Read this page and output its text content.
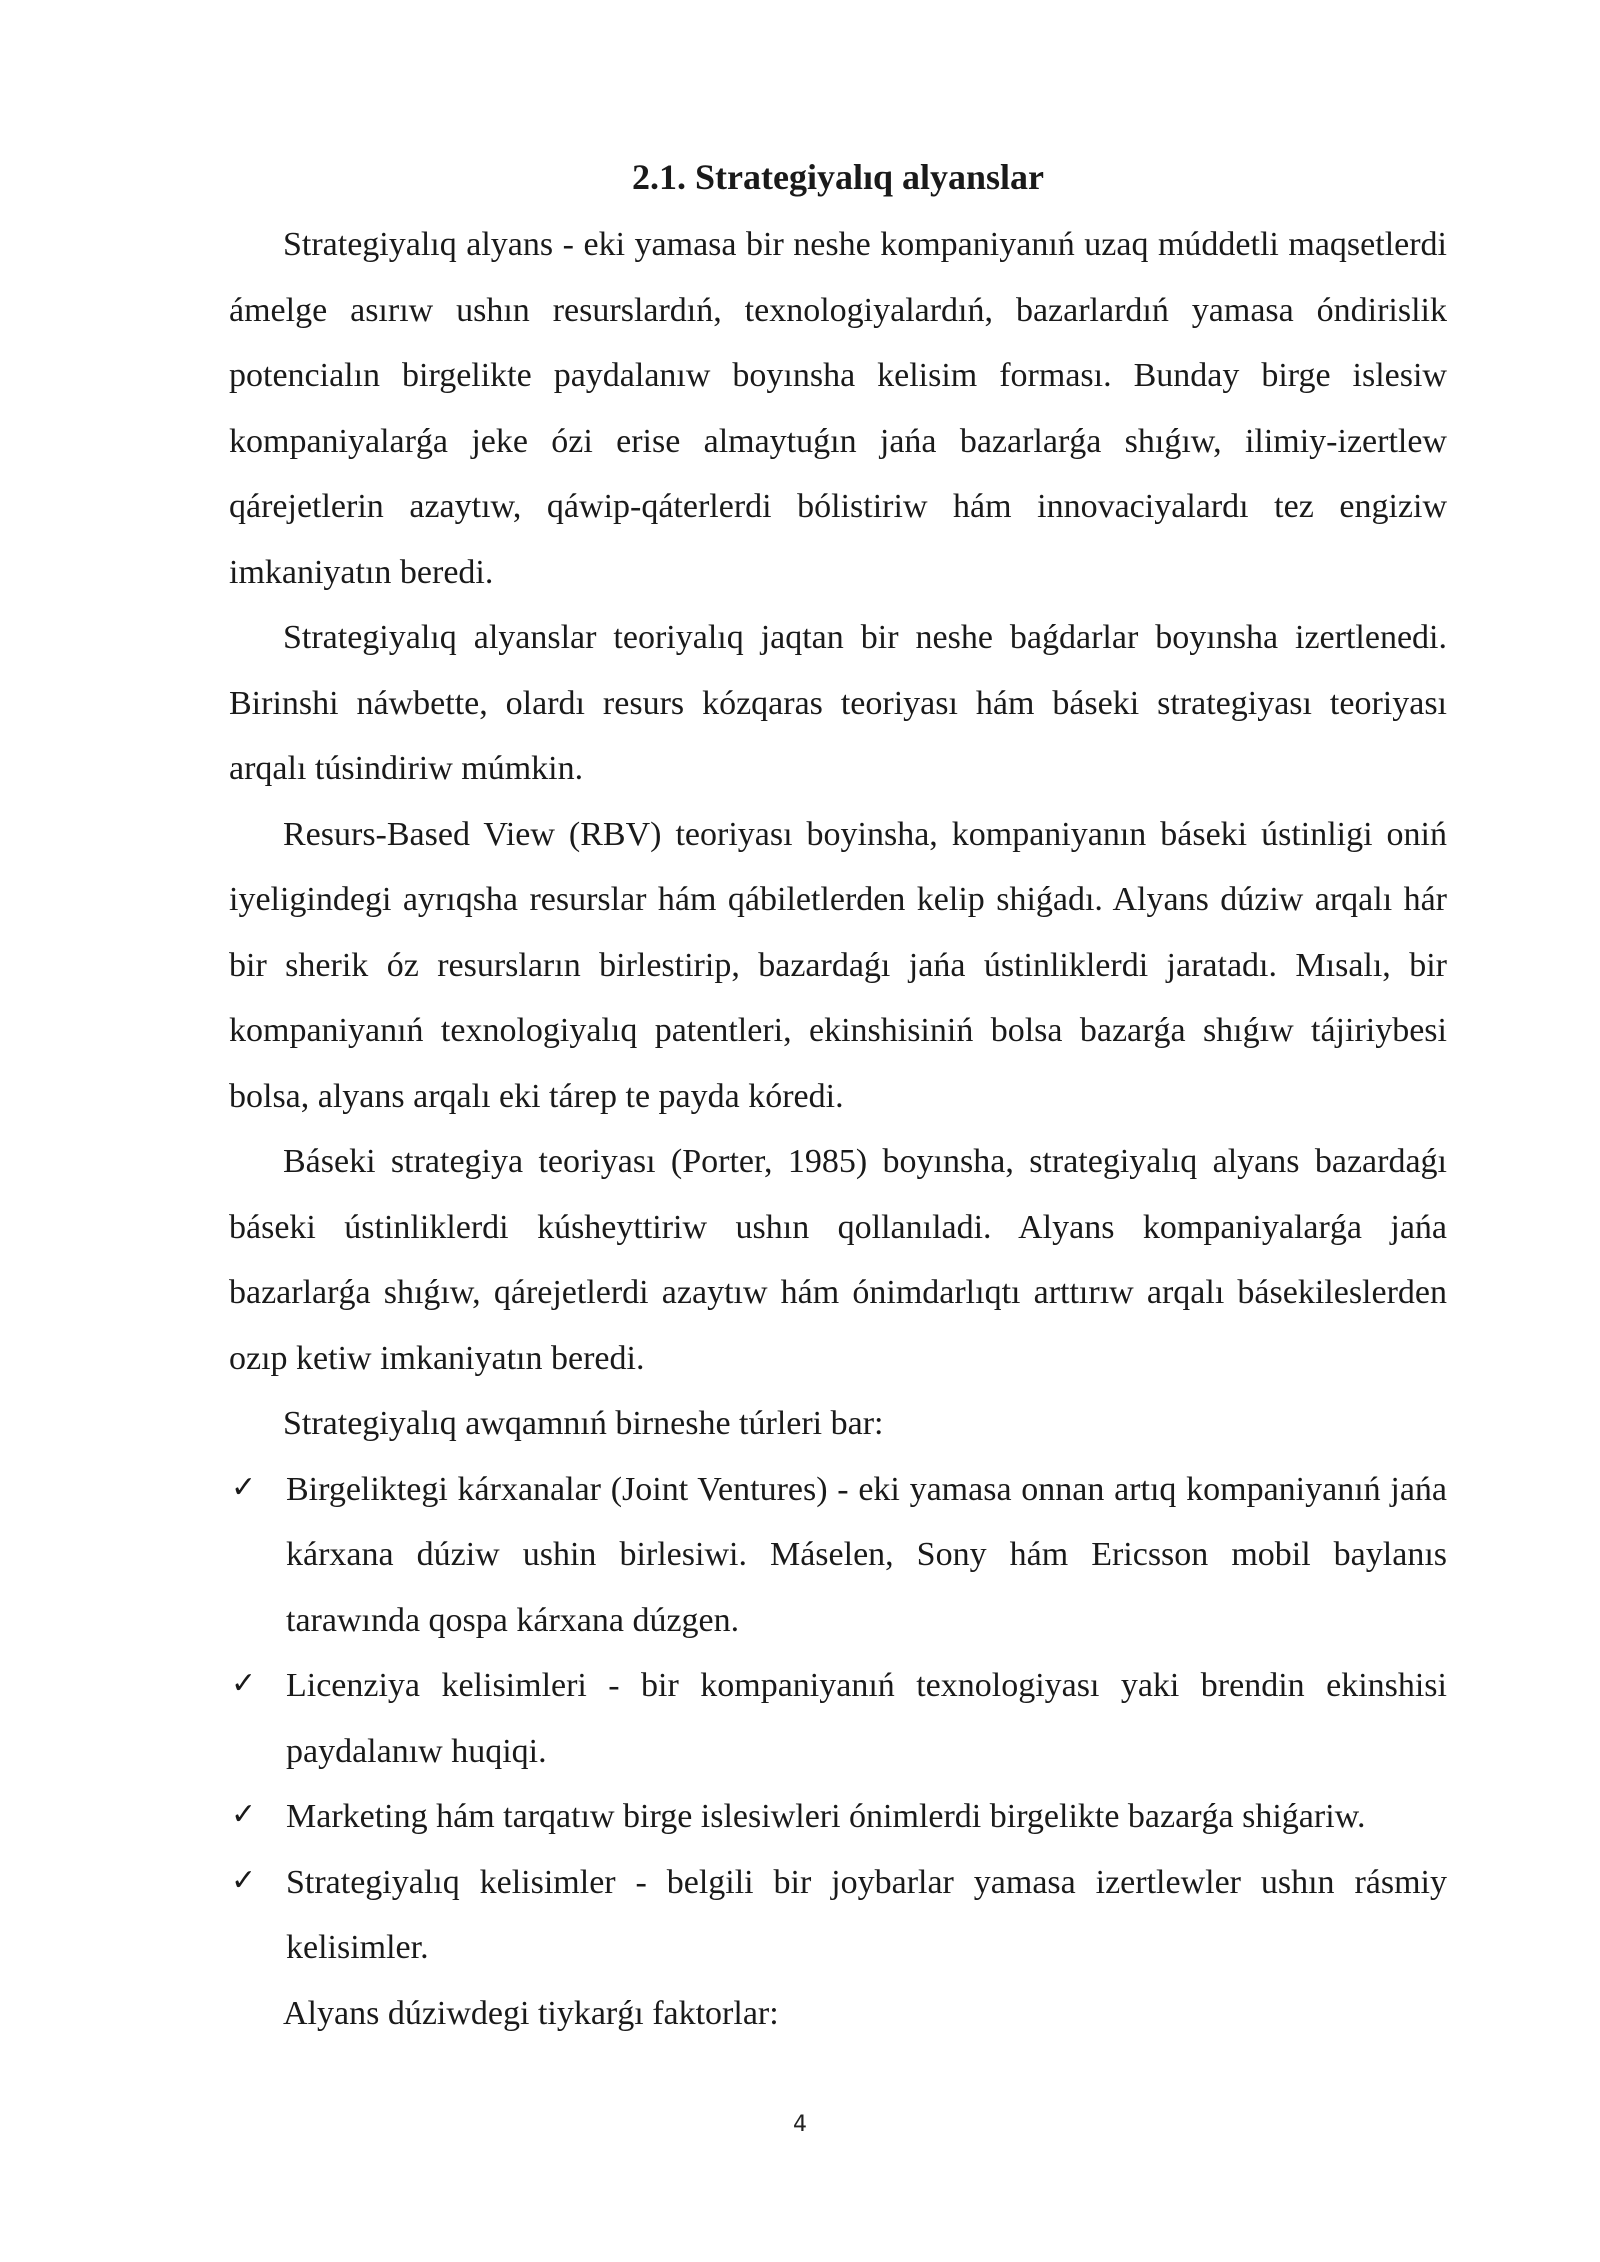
2.1. Strategiyalıq alyanslar

Strategiyalıq alyans - eki yamasa bir neshe kompaniyanıń uzaq múddetli maqsetlerdi ámelge asırıw ushın resurslardıń, texnologiyalardıń, bazarlardıń yamasa óndirislik potencialın birgelikte paydalanıw boyınsha kelisim forması. Bunday birge islesiw kompaniyalarǵa jeke ózi erise almaytuǵın jańa bazarlarǵa shıǵıw, ilimiy-izertlew qárejetlerin azaytıw, qáwip-qáterlerdi bólistiriw hám innovaciyalardı tez engiziw imkaniyatın beredi.

Strategiyalıq alyanslar teoriyalıq jaqtan bir neshe baǵdarlar boyınsha izertlenedi. Birinshi náwbette, olardı resurs kózqaras teoriyası hám báseki strategiyası teoriyası arqalı túsindiriw múmkin.

Resurs-Based View (RBV) teoriyası boyinsha, kompaniyanın báseki ústinligi oniń iyeligindegi ayrıqsha resurslar hám qábiletlerden kelip shiǵadı. Alyans dúziw arqalı hár bir sherik óz resursların birlestirip, bazardaǵı jańa ústinliklerdi jaratadı. Mısalı, bir kompaniyanıń texnologiyalıq patentleri, ekinshisiniń bolsa bazarǵa shıǵıw tájiriybesi bolsa, alyans arqalı eki tárep te payda kóredi.

Báseki strategiya teoriyası (Porter, 1985) boyınsha, strategiyalıq alyans bazardaǵı báseki ústinliklerdi kúsheyttiriw ushın qollanıladi. Alyans kompaniyalarǵa jańa bazarlarǵa shıǵıw, qárejetlerdi azaytıw hám ónimdarlıqtı arttırıw arqalı básekileslerden ozıp ketiw imkaniyatın beredi.

Strategiyalıq awqamnıń birneshe túrleri bar:

✓ Birgeliktegi kárxanalar (Joint Ventures) - eki yamasa onnan artıq kompaniyanıń jańa kárxana dúziw ushin birlesiwi. Máselen, Sony hám Ericsson mobil baylanıs tarawında qospa kárxana dúzgen.
✓ Licenziya kelisimleri - bir kompaniyanıń texnologiyası yaki brendin ekinshisi paydalanıw huqiqi.
✓ Marketing hám tarqatıw birge islesiwleri ónimlerdi birgelikte bazarǵa shiǵariw.
✓ Strategiyalıq kelisimler - belgili bir joybarlar yamasa izertlewler ushın rásmiy kelisimler.

Alyans dúziwdegi tiykarǵı faktorlar:

4
